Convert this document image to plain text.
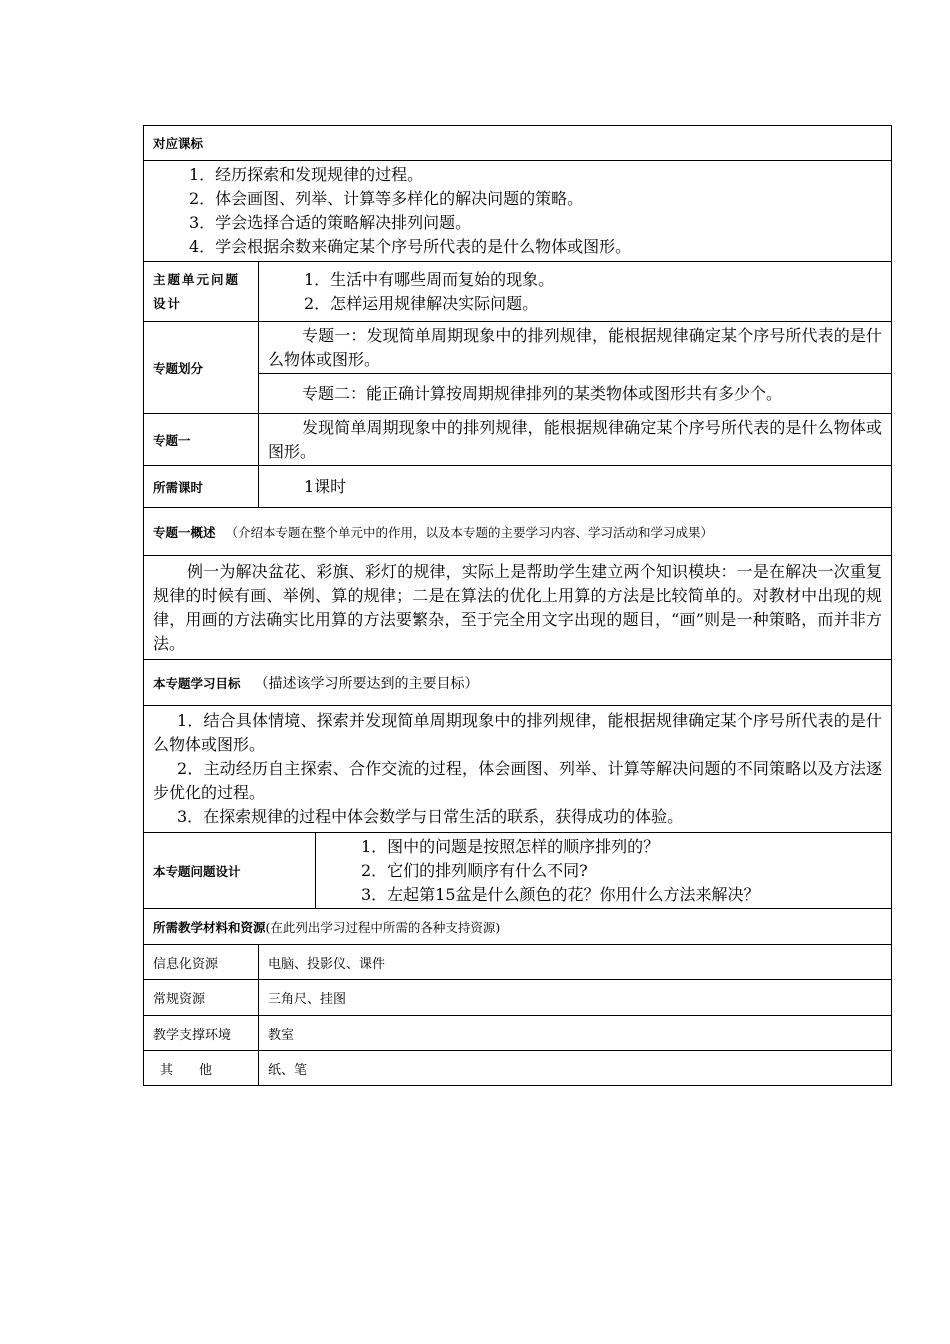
对应课标		

1．经历探索和发现规律的过程。

2．体会画图、列举、计算等多样化的解决问题的策略。

3．学会选择合适的策略解决排列问题。

4．学会根据余数来确定某个序号所代表的是什么物体或图形。		

主题单元问题设计	1．生活中有哪些周而复始的现象。

2．怎样运用规律解决实际问题。	

专题划分	专题一：发现简单周期现象中的排列规律，能根据规律确定某个序号所代表的是什么物体或图形。	
	专题二：能正确计算按周期规律排列的某类物体或图形共有多少个。	
专题一	发现简单周期现象中的排列规律，能根据规律确定某个序号所代表的是什么物体或图形。	
所需课时	1课时	
专题一概述 （介绍本专题在整个单元中的作用，以及本专题的主要学习内容、学习活动和学习成果）		
例一为解决盆花、彩旗、彩灯的规律，实际上是帮助学生建立两个知识模块：一是在解决一次重复规律的时候有画、举例、算的规律；二是在算法的优化上用算的方法是比较简单的。对教材中出现的规律，用画的方法确实比用算的方法要繁杂，至于完全用文字出现的题目，“画”则是一种策略，而并非方法。		
本专题学习目标 （描述该学习所要达到的主要目标）		

1．结合具体情境、探索并发现简单周期现象中的排列规律，能根据规律确定某个序号所代表的是什么物体或图形。

2．主动经历自主探索、合作交流的过程，体会画图、列举、计算等解决问题的不同策略以及方法逐步优化的过程。

3．在探索规律的过程中体会数学与日常生活的联系，获得成功的体验。		

本专题问题设计		1．图中的问题是按照怎样的顺序排列的？

2．它们的排列顺序有什么不同?

3．左起第15盆是什么颜色的花？你用什么方法来解决？

所需教学材料和资源(在此列出学习过程中所需的各种支持资源)		
信息化资源	电脑、投影仪、课件	
常规资源	三角尺、挂图	
教学支撑环境	教室	
其　　他	纸、笔	
